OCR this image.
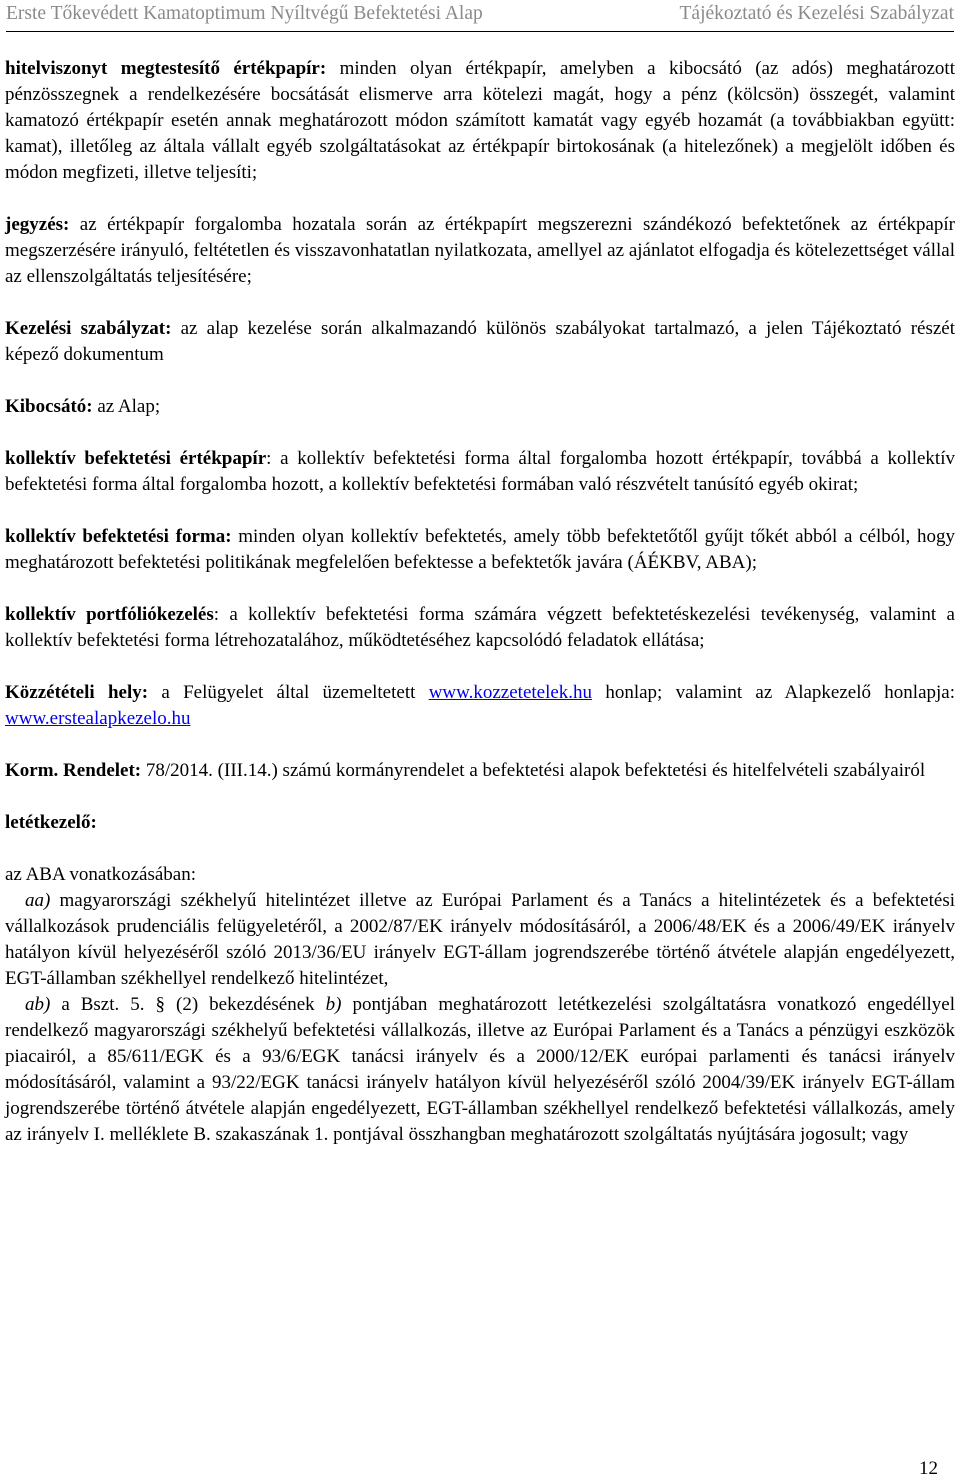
Erste Tőkevédett Kamatoptimum Nyíltvégű Befektetési Alap	Tájékoztató és Kezelési Szabályzat

hitelviszonyt megtestesítő értékpapír: minden olyan értékpapír, amelyben a kibocsátó (az adós) meghatározott pénzösszegnek a rendelkezésére bocsátását elismerve arra kötelezi magát, hogy a pénz (kölcsön) összegét, valamint kamatozó értékpapír esetén annak meghatározott módon számított kamatát vagy egyéb hozamát (a továbbiakban együtt: kamat), illetőleg az általa vállalt egyéb szolgáltatásokat az értékpapír birtokosának (a hitelezőnek) a megjelölt időben és módon megfizeti, illetve teljesíti;

jegyzés: az értékpapír forgalomba hozatala során az értékpapírt megszerezni szándékozó befektetőnek az értékpapír megszerzésére irányuló, feltétetlen és visszavonhatatlan nyilatkozata, amellyel az ajánlatot elfogadja és kötelezettséget vállal az ellenszolgáltatás teljesítésére;

Kezelési szabályzat: az alap kezelése során alkalmazandó különös szabályokat tartalmazó, a jelen Tájékoztató részét képező dokumentum

Kibocsátó: az Alap;

kollektív befektetési értékpapír: a kollektív befektetési forma által forgalomba hozott értékpapír, továbbá a kollektív befektetési forma által forgalomba hozott, a kollektív befektetési formában való részvételt tanúsító egyéb okirat;

kollektív befektetési forma: minden olyan kollektív befektetés, amely több befektetőtől gyűjt tőkét abból a célból, hogy meghatározott befektetési politikának megfelelően befektesse a befektetők javára (ÁÉKBV, ABA);

kollektív portfóliókezelés: a kollektív befektetési forma számára végzett befektetéskezelési tevékenység, valamint a kollektív befektetési forma létrehozatalához, működtetéséhez kapcsolódó feladatok ellátása;

Közzétételi hely: a Felügyelet által üzemeltetett www.kozzetetelek.hu honlap; valamint az Alapkezelő honlapja: www.erstealapkezelo.hu

Korm. Rendelet: 78/2014. (III.14.) számú kormányrendelet a befektetési alapok befektetési és hitelfelvételi szabályairól

letétkezelő:

az ABA vonatkozásában:

aa) magyarországi székhelyű hitelintézet illetve az Európai Parlament és a Tanács a hitelintézetek és a befektetési vállalkozások prudenciális felügyeletéről, a 2002/87/EK irányelv módosításáról, a 2006/48/EK és a 2006/49/EK irányelv hatályon kívül helyezéséről szóló 2013/36/EU irányelv EGT-állam jogrendszerébe történő átvétele alapján engedélyezett, EGT-államban székhellyel rendelkező hitelintézet,

ab) a Bszt. 5. § (2) bekezdésének b) pontjában meghatározott letétkezelési szolgáltatásra vonatkozó engedéllyel rendelkező magyarországi székhelyű befektetési vállalkozás, illetve az Európai Parlament és a Tanács a pénzügyi eszközök piacairól, a 85/611/EGK és a 93/6/EGK tanácsi irányelv és a 2000/12/EK európai parlamenti és tanácsi irányelv módosításáról, valamint a 93/22/EGK tanácsi irányelv hatályon kívül helyezéséről szóló 2004/39/EK irányelv EGT-állam jogrendszerébe történő átvétele alapján engedélyezett, EGT-államban székhellyel rendelkező befektetési vállalkozás, amely az irányelv I. melléklete B. szakaszának 1. pontjával összhangban meghatározott szolgáltatás nyújtására jogosult; vagy

12
